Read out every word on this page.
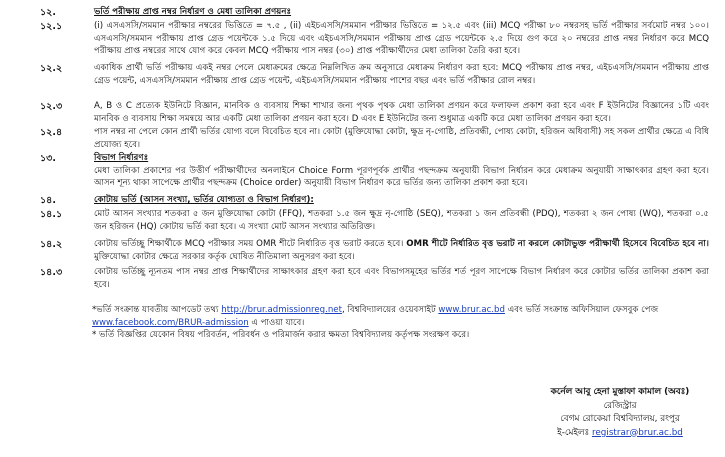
১২.	ভর্তি পরীক্ষায় প্রাপ্ত নম্বর নির্ধারণ ও মেধা তালিকা প্রণয়নঃ
১২.১	(i) এসএসসি/সমমান পরীক্ষার নম্বরের ভিত্তিতে = ৭.৫ , (ii) এইচএসসি/সমমান পরীক্ষার ভিত্তিতে = ১২.৫ এবং (iii) MCQ পরীক্ষা ৮০ নম্বরসহ ভর্তি পরীক্ষার সর্বমোট নম্বর ১০০। এসএসসি/সমমান পরীক্ষায় প্রাপ্ত গ্রেড পয়েন্টকে ১.৫ দিয়ে এবং এইচএসসি/সমমান পরীক্ষায় প্রাপ্ত গ্রেড পয়েন্টকে ২.৫ দিয়ে গুণ করে ২০ নম্বরের প্রাপ্ত নম্বর নির্ধারণ করে MCQ পরীক্ষায় প্রাপ্ত নম্বরের সাথে যোগ করে কেবল MCQ পরীক্ষায় পাস নম্বর (৩০) প্রাপ্ত পরীক্ষার্থীদের মেধা তালিকা তৈরি করা হবে।
১২.২	একাধিক প্রার্থী ভর্তি পরীক্ষায় একই নম্বর পেলে মেধাক্রমের ক্ষেত্রে নিম্নলিখিত ক্রম অনুসারে মেধাক্রম নির্ধারণ করা হবে: MCQ পরীক্ষায় প্রাপ্ত নম্বর, এইচএসসি/সমমান পরীক্ষায় প্রাপ্ত গ্রেড পয়েন্ট, এসএসসি/সমমান পরীক্ষায় প্রাপ্ত গ্রেড পয়েন্ট, এইচএসসি/সমমান পরীক্ষায় পাশের বছর এবং ভর্তি পরীক্ষার রোল নম্বর।
১২.৩	A, B ও C প্রত্যেক ইউনিটে বিজ্ঞান, মানবিক ও ব্যবসায় শিক্ষা শাখার জন্য পৃথক পৃথক মেধা তালিকা প্রণয়ন করে ফলাফল প্রকাশ করা হবে এবং F ইউনিটের বিজ্ঞানের ১টি এবং মানবিক ও ব্যবসায় শিক্ষা সমন্বয়ে আর একটি মেধা তালিকা প্রণয়ন করা হবে। D এবং E ইউনিটের জন্য শুধুমাত্র একটি করে মেধা তালিকা প্রণয়ন করা হবে।
১২.৪	পাস নম্বর না পেলে কোন প্রার্থী ভর্তির যোগ্য বলে বিবেচিত হবে না। কোটা (মুক্তিযোদ্ধা কোটা, ক্ষুদ্র নৃ-গোষ্ঠি, প্রতিবন্ধী, পোষ্য কোটা, হরিজন অধিবাসী) সহ সকল প্রার্থীর ক্ষেত্রে এ বিধি প্রযোজ্য হবে।
১৩.	বিভাগ নির্ধারণঃ
মেধা তালিকা প্রকাশের পর উত্তীর্ণ পরীক্ষার্থীদের অনলাইনে Choice Form পূরণপূর্বক প্রার্থীর পছন্দক্রম অনুযায়ী বিভাগ নির্ধারন করে মেধাক্রম অনুযায়ী সাক্ষাৎকার গ্রহণ করা হবে। আসন শূন্য থাকা সাপেক্ষে প্রার্থীর পছন্দক্রম (Choice order) অনুযায়ী বিভাগ নির্ধারণ করে ভর্তির জন্য তালিকা প্রকাশ করা হবে।
১৪.	কোটায় ভর্তি (আসন সংখ্যা, ভর্তির যোগ্যতা ও বিভাগ নির্ধারণ):
১৪.১	মোট আসন সংখ্যার শতকরা ৫ জন মুক্তিযোদ্ধা কোটা (FFQ), শতকরা ১.৫ জন ক্ষুদ্র নৃ-গোষ্ঠি (SEQ), শতকরা ১ জন প্রতিবন্ধী (PDQ), শতকরা ২ জন পোষ্য (WQ), শতকরা ০.৫ জন হরিজন (HQ) কোটায় ভর্তি করা হবে। এ সংখ্যা মোট আসন সংখ্যার অতিরিক্ত।
১৪.২	কোটায় ভর্তিচ্ছু শিক্ষার্থীকে MCQ পরীক্ষার সময় OMR শীটে নির্ধারিত বৃত্ত ভরাট করতে হবে। OMR শীটে নির্ধারিত বৃত্ত ভরাট না করলে কোটাভুক্ত পরীক্ষার্থী হিসেবে বিবেচিত হবে না। মুক্তিযোদ্ধা কোটার ক্ষেত্রে সরকার কর্তৃক ঘোষিত নীতিমালা অনুসরণ করা হবে।
১৪.৩	কোটায় ভর্তিচ্ছু ন্যূনতম পাস নম্বর প্রাপ্ত শিক্ষার্থীদের সাক্ষাৎকার গ্রহণ করা হবে এবং বিভাগসমূহের ভর্তির শর্ত পূরণ সাপেক্ষে বিভাগ নির্ধারণ করে কোটার ভর্তির তালিকা প্রকাশ করা হবে।
*ভর্তি সংক্রান্ত যাবতীয় আপডেট তথ্য http://brur.admissionreg.net, বিশ্ববিদ্যালয়ের ওয়েবসাইট www.brur.ac.bd এবং ভর্তি সংক্রান্ত অফিসিয়াল ফেসবুক পেজ www.facebook.com/BRUR-admission এ পাওয়া যাবে।
* ভর্তি বিজ্ঞপ্তির যেকোন বিষয় পরিবর্তন, পরিবর্ধন ও পরিমার্জন করার ক্ষমতা বিশ্ববিদ্যালয় কর্তৃপক্ষ সংরক্ষণ করে।
কর্নেল আবু হেনা মুস্তাফা কামাল (অবঃ)
রেজিস্ট্রার
বেগম রোকেয়া বিশ্ববিদ্যালয়, রংপুর
ই-মেইলঃ registrar@brur.ac.bd
